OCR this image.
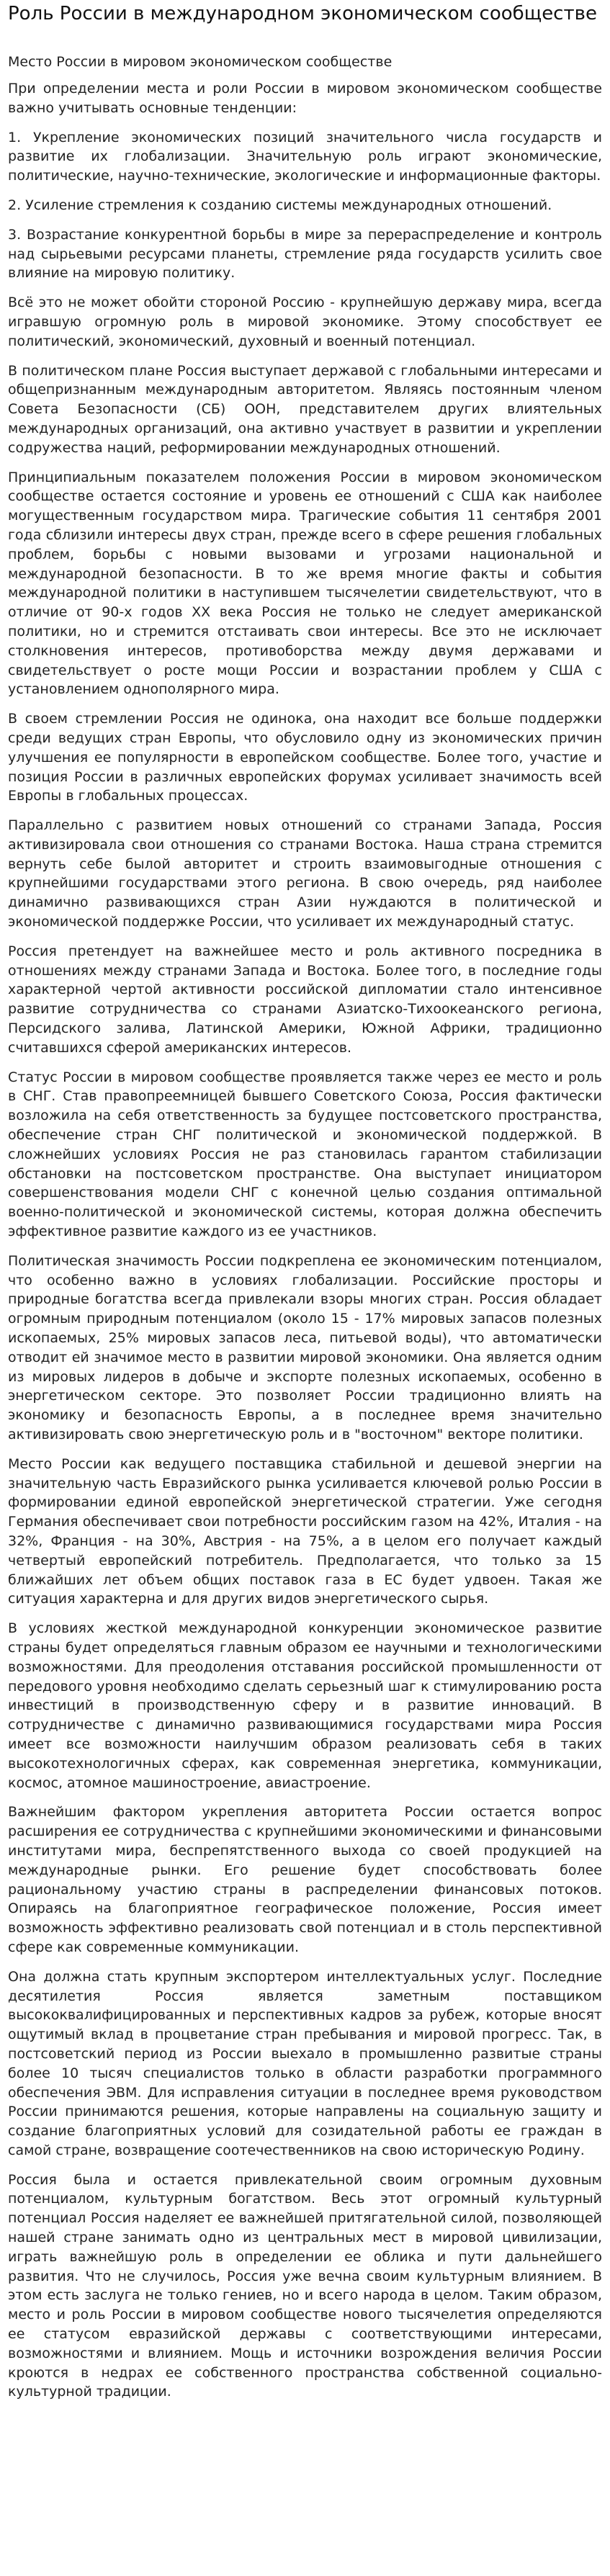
Роль России в международном экономическом сообществе
Место России в мировом экономическом сообществе

При определении места и роли России в мировом экономическом сообществе важно учитывать основные тенденции:

1. Укрепление экономических позиций значительного числа государств и развитие их глобализации. Значительную роль играют экономические, политические, научно-технические, экологические и информационные факторы.

2. Усиление стремления к созданию системы международных отношений.

3. Возрастание конкурентной борьбы в мире за перераспределение и контроль над сырьевыми ресурсами планеты, стремление ряда государств усилить свое влияние на мировую политику.

Всё это не может обойти стороной Россию - крупнейшую державу мира, всегда игравшую огромную роль в мировой экономике. Этому способствует ее политический, экономический, духовный и военный потенциал.

В политическом плане Россия выступает державой с глобальными интересами и общепризнанным международным авторитетом. Являясь постоянным членом Совета Безопасности (СБ) ООН, представителем других влиятельных международных организаций, она активно участвует в развитии и укреплении содружества наций, реформировании международных отношений.

Принципиальным показателем положения России в мировом экономическом сообществе остается состояние и уровень ее отношений с США как наиболее могущественным государством мира. Трагические события 11 сентября 2001 года сблизили интересы двух стран, прежде всего в сфере решения глобальных проблем, борьбы с новыми вызовами и угрозами национальной и международной безопасности. В то же время многие факты и события международной политики в наступившем тысячелетии свидетельствуют, что в отличие от 90-х годов XX века Россия не только не следует американской политики, но и стремится отстаивать свои интересы. Все это не исключает столкновения интересов, противоборства между двумя державами и свидетельствует о росте мощи России и возрастании проблем у США с установлением однополярного мира.

В своем стремлении Россия не одинока, она находит все больше поддержки среди ведущих стран Европы, что обусловило одну из экономических причин улучшения ее популярности в европейском сообществе. Более того, участие и позиция России в различных европейских форумах усиливает значимость всей Европы в глобальных процессах.

Параллельно с развитием новых отношений со странами Запада, Россия активизировала свои отношения со странами Востока. Наша страна стремится вернуть себе былой авторитет и строить взаимовыгодные отношения с крупнейшими государствами этого региона. В свою очередь, ряд наиболее динамично развивающихся стран Азии нуждаются в политической и экономической поддержке России, что усиливает их международный статус.

Россия претендует на важнейшее место и роль активного посредника в отношениях между странами Запада и Востока. Более того, в последние годы характерной чертой активности российской дипломатии стало интенсивное развитие сотрудничества со странами Азиатско-Тихоокеанского региона, Персидского залива, Латинской Америки, Южной Африки, традиционно считавшихся сферой американских интересов.

Статус России в мировом сообществе проявляется также через ее место и роль в СНГ. Став правопреемницей бывшего Советского Союза, Россия фактически возложила на себя ответственность за будущее постсоветского пространства, обеспечение стран СНГ политической и экономической поддержкой. В сложнейших условиях Россия не раз становилась гарантом стабилизации обстановки на постсоветском пространстве. Она выступает инициатором совершенствования модели СНГ с конечной целью создания оптимальной военно-политической и экономической системы, которая должна обеспечить эффективное развитие каждого из ее участников.

Политическая значимость России подкреплена ее экономическим потенциалом, что особенно важно в условиях глобализации. Российские просторы и природные богатства всегда привлекали взоры многих стран. Россия обладает огромным природным потенциалом (около 15 - 17% мировых запасов полезных ископаемых, 25% мировых запасов леса, питьевой воды), что автоматически отводит ей значимое место в развитии мировой экономики. Она является одним из мировых лидеров в добыче и экспорте полезных ископаемых, особенно в энергетическом секторе. Это позволяет России традиционно влиять на экономику и безопасность Европы, а в последнее время значительно активизировать свою энергетическую роль и в "восточном" векторе политики.

Место России как ведущего поставщика стабильной и дешевой энергии на значительную часть Евразийского рынка усиливается ключевой ролью России в формировании единой европейской энергетической стратегии. Уже сегодня Германия обеспечивает свои потребности российским газом на 42%, Италия - на 32%, Франция - на 30%, Австрия - на 75%, а в целом его получает каждый четвертый европейский потребитель. Предполагается, что только за 15 ближайших лет объем общих поставок газа в ЕС будет удвоен. Такая же ситуация характерна и для других видов энергетического сырья.

В условиях жесткой международной конкуренции экономическое развитие страны будет определяться главным образом ее научными и технологическими возможностями. Для преодоления отставания российской промышленности от передового уровня необходимо сделать серьезный шаг к стимулированию роста инвестиций в производственную сферу и в развитие инноваций. В сотрудничестве с динамично развивающимися государствами мира Россия имеет все возможности наилучшим образом реализовать себя в таких высокотехнологичных сферах, как современная энергетика, коммуникации, космос, атомное машиностроение, авиастроение.

Важнейшим фактором укрепления авторитета России остается вопрос расширения ее сотрудничества с крупнейшими экономическими и финансовыми институтами мира, беспрепятственного выхода со своей продукцией на международные рынки. Его решение будет способствовать более рациональному участию страны в распределении финансовых потоков. Опираясь на благоприятное географическое положение, Россия имеет возможность эффективно реализовать свой потенциал и в столь перспективной сфере как современные коммуникации.

Она должна стать крупным экспортером интеллектуальных услуг. Последние десятилетия Россия является заметным поставщиком высококвалифицированных и перспективных кадров за рубеж, которые вносят ощутимый вклад в процветание стран пребывания и мировой прогресс. Так, в постсоветский период из России выехало в промышленно развитые страны более 10 тысяч специалистов только в области разработки программного обеспечения ЭВМ. Для исправления ситуации в последнее время руководством России принимаются решения, которые направлены на социальную защиту и создание благоприятных условий для созидательной работы ее граждан в самой стране, возвращение соотечественников на свою историческую Родину.

Россия была и остается привлекательной своим огромным духовным потенциалом, культурным богатством. Весь этот огромный культурный потенциал Россия наделяет ее важнейшей притягательной силой, позволяющей нашей стране занимать одно из центральных мест в мировой цивилизации, играть важнейшую роль в определении ее облика и пути дальнейшего развития. Что не случилось, Россия уже вечна своим культурным влиянием. В этом есть заслуга не только гениев, но и всего народа в целом. Таким образом, место и роль России в мировом сообществе нового тысячелетия определяются ее статусом евразийской державы с соответствующими интересами, возможностями и влиянием. Мощь и источники возрождения величия России кроются в недрах ее собственного пространства собственной социально-культурной традиции.
